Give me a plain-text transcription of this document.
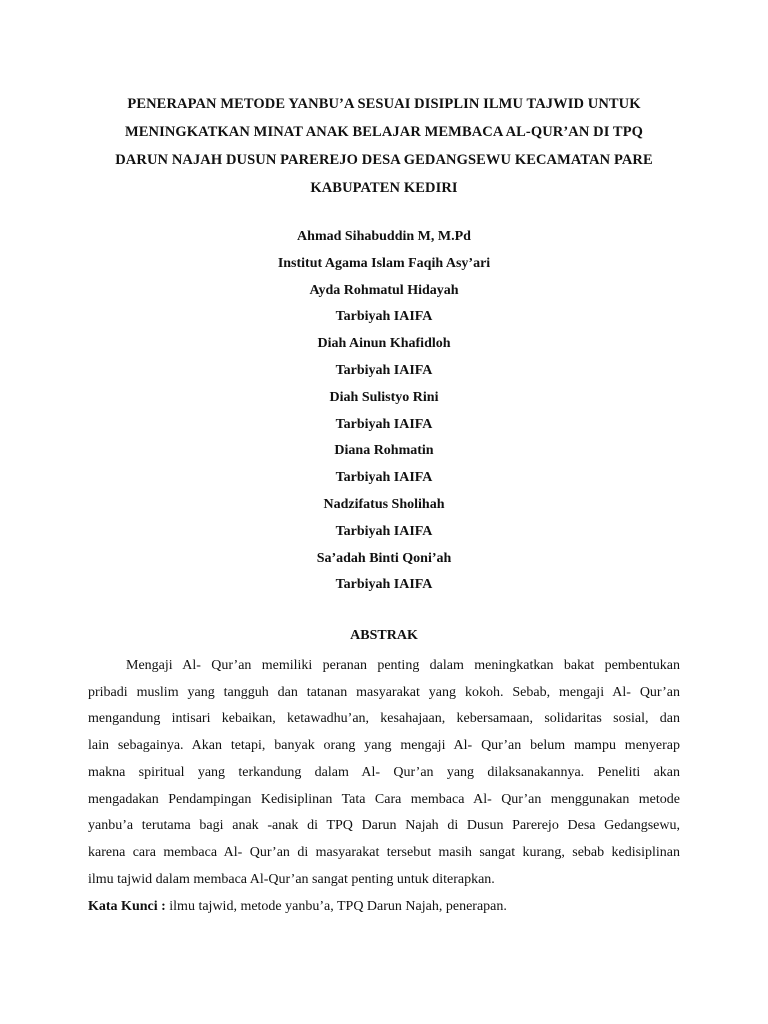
PENERAPAN METODE YANBU’A SESUAI DISIPLIN ILMU TAJWID UNTUK
MENINGKATKAN MINAT ANAK BELAJAR MEMBACA AL-QUR’AN DI TPQ
DARUN NAJAH DUSUN PAREREJO DESA GEDANGSEWU KECAMATAN PARE
KABUPATEN KEDIRI
Ahmad Sihabuddin M, M.Pd
Institut Agama Islam Faqih Asy’ari
Ayda Rohmatul Hidayah
Tarbiyah IAIFA
Diah Ainun Khafidloh
Tarbiyah IAIFA
Diah Sulistyo Rini
Tarbiyah IAIFA
Diana Rohmatin
Tarbiyah IAIFA
Nadzifatus Sholihah
Tarbiyah IAIFA
Sa’adah Binti Qoni’ah
Tarbiyah IAIFA
ABSTRAK
Mengaji Al- Qur’an memiliki peranan penting dalam meningkatkan bakat pembentukan
pribadi muslim yang tangguh dan tatanan masyarakat yang kokoh. Sebab, mengaji Al- Qur’an
mengandung intisari kebaikan, ketawadhu’an, kesahajaan, kebersamaan, solidaritas sosial, dan
lain sebagainya. Akan tetapi, banyak orang yang mengaji Al- Qur’an belum mampu menyerap
makna spiritual yang terkandung dalam Al- Qur’an yang dilaksanakannya. Peneliti akan
mengadakan Pendampingan Kedisiplinan Tata Cara membaca Al- Qur’an menggunakan metode
yanbu’a terutama bagi anak -anak di TPQ Darun Najah di Dusun Parerejo Desa Gedangsewu,
karena cara membaca Al- Qur’an di masyarakat tersebut masih sangat kurang, sebab kedisiplinan
ilmu tajwid dalam membaca Al-Qur’an sangat penting untuk diterapkan.
Kata Kunci : ilmu tajwid, metode yanbu’a, TPQ Darun Najah, penerapan.
